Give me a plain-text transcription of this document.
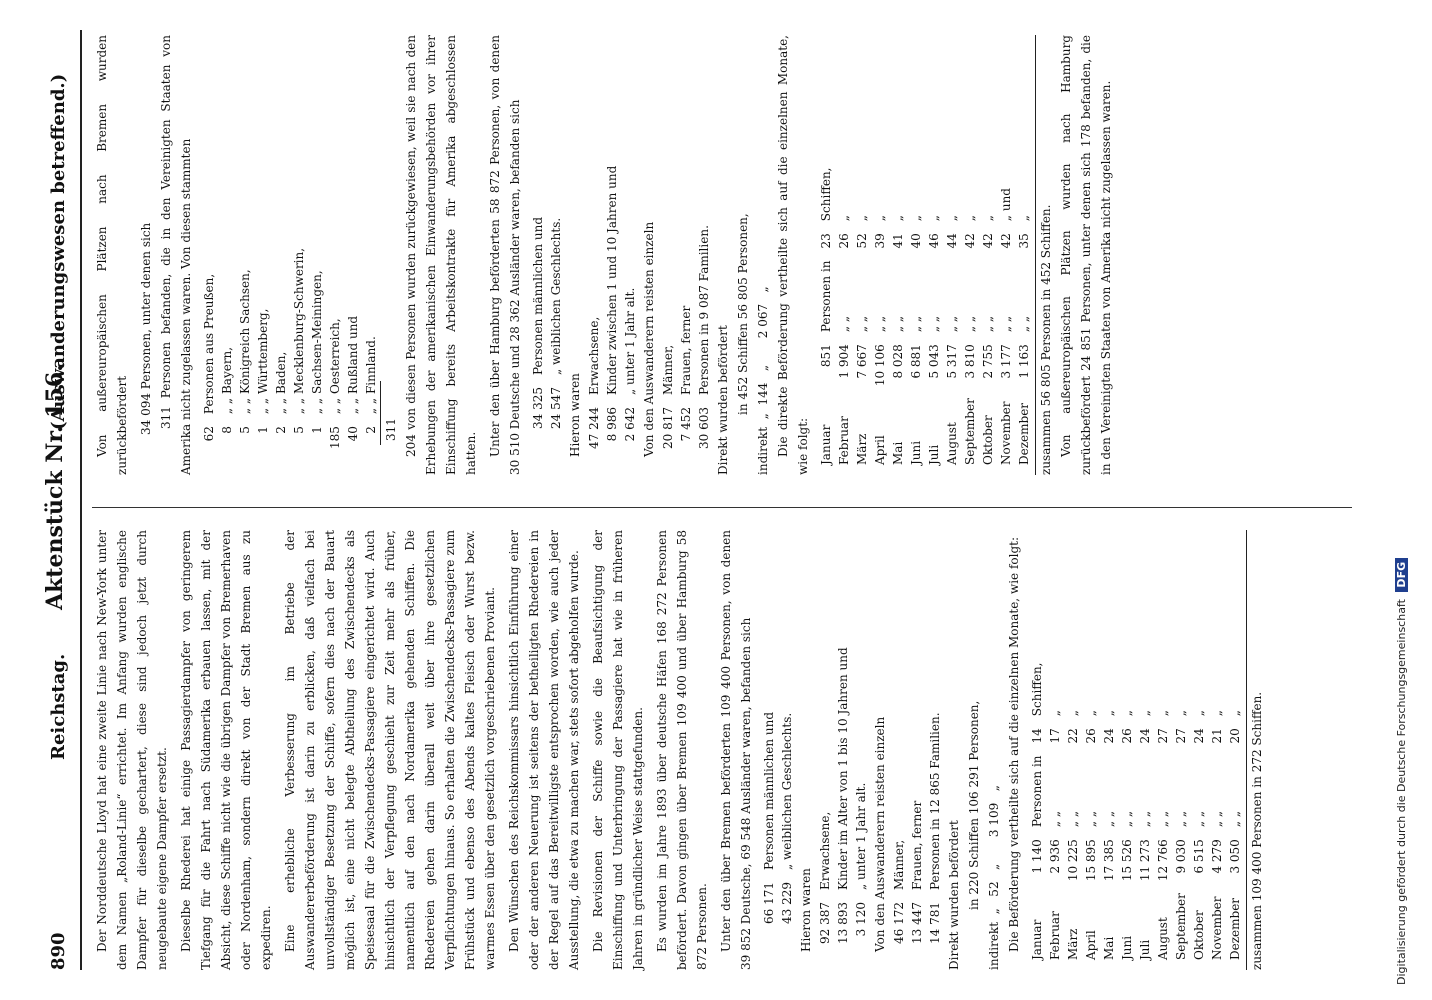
890
Reichstag.
Aktenstück Nr. 156.
(Auswanderungswesen betreffend.)

Der Norddeutsche Lloyd hat eine zweite Linie nach New-York unter dem Namen „Roland-Linie“ errichtet. Im Anfang wurden englische Dampfer für dieselbe gechartert, diese sind jedoch jetzt durch neugebaute eigene Dampfer ersetzt. Dieselbe Rhederei hat einige Passagierdampfer von geringerem Tiefgang für die Fahrt nach Südamerika erbauen lassen, mit der Absicht, diese Schiffe nicht wie die übrigen Dampfer von Bremerhaven oder Nordenham, sondern direkt von der Stadt Bremen aus zu expediren. Eine erhebliche Verbesserung im Betriebe der Auswandererbeförderung ist darin zu erblicken, daß vielfach bei unvollständiger Besetzung der Schiffe, sofern dies nach der Bauart möglich ist, eine nicht belegte Abtheilung des Zwischendecks als Speisesaal für die Zwischendecks-Passagiere eingerichtet wird. Auch hinsichtlich der Verpflegung geschieht zur Zeit mehr als früher, namentlich auf den nach Nordamerika gehenden Schiffen. Die Rhedereien gehen darin überall weit über ihre gesetzlichen Verpflichtungen hinaus. So erhalten die Zwischendecks-Passagiere zum Frühstück und ebenso des Abends kaltes Fleisch oder Wurst bezw. warmes Essen über den gesetzlich vorgeschriebenen Proviant. Den Wünschen des Reichskommissars hinsichtlich Einführung einer oder der anderen Neuerung ist seitens der betheiligten Rhedereien in der Regel auf das Bereitwilligste entsprochen worden, wie auch jeder Ausstellung, die etwa zu machen war, stets sofort abgeholfen wurde. Die Revisionen der Schiffe sowie die Beaufsichtigung der Einschiffung und Unterbringung der Passagiere hat wie in früheren Jahren in gründlicher Weise stattgefunden. Es wurden im Jahre 1893 über deutsche Häfen 168 272 Personen befördert. Davon gingen über Bremen 109 400 und über Hamburg 58 872 Personen. Unter den über Bremen beförderten 109 400 Personen, von denen 39 852 Deutsche, 69 548 Ausländer waren, befanden sich 66 171	Personen männlichen und
43 229	„ weiblichen Geschlechts.
Hieron waren 92 387	Erwachsene,
13 893	Kinder im Alter von 1 bis 10 Jahren und
3 120	„ unter 1 Jahr alt. Von den Auswanderern reisten einzeln 46 172	Männer,
13 447	Frauen, ferner
14 781	Personen in 12 865 Familien.
Direkt wurden befördert in 220 Schiffen 106 291 Personen, indirekt  „   52   „       3 109   „ Die Beförderung vertheilte sich auf die einzelnen Monate, wie folgt: Januar	1 140	Personen in	14	Schiffen,
Februar	2 936	„ „	17	„
März	10 225	„ „	22	„
April	15 895	„ „	26	„
Mai	17 385	„ „	24	„
Juni	15 526	„ „	26	„
Juli	11 273	„ „	24	„
August	12 766	„ „	27	„
September	9 030	„ „	27	„
Oktober	6 515	„ „	24	„
November	4 279	„ „	21	„
Dezember	3 050	„ „	20	„ zusammen 109 400 Personen in 272 Schiffen.

Von außereuropäischen Plätzen nach Bremen wurden zurückbefördert 34 094 Personen, unter denen sich 311 Personen befanden, die in den Vereinigten Staaten von Amerika nicht zugelassen waren. Von diesen stammten 62	Personen aus Preußen,
8	„ „ Bayern,
5	„ „ Königreich Sachsen,
1	„ „ Württemberg,
2	„ „ Baden,
5	„ „ Mecklenburg-Schwerin,
1	„ „ Sachsen-Meiningen,
185	„ „ Oesterreich,
40	„ „ Rußland und
2	„ „ Finnland.
311 204 von diesen Personen wurden zurückgewiesen, weil sie nach den Erhebungen der amerikanischen Einwanderungsbehörden vor ihrer Einschiffung bereits Arbeitskontrakte für Amerika abgeschlossen hatten. Unter den über Hamburg beförderten 58 872 Personen, von denen 30 510 Deutsche und 28 362 Ausländer waren, befanden sich 34 325	Personen männlichen und
24 547	„ weiblichen Geschlechts.
Hieron waren 47 244	Erwachsene,
8 986	Kinder zwischen 1 und 10 Jahren und
2 642	„ unter 1 Jahr alt. Von den Auswanderern reisten einzeln 20 817	Männer,
7 452	Frauen, ferner
30 603	Personen in 9 087 Familien.
Direkt wurden befördert in 452 Schiffen 56 805 Personen, indirekt  „  144   „       2 067   „ Die direkte Beförderung vertheilte sich auf die einzelnen Monate, wie folgt: Januar	851	Personen in	23	Schiffen,
Februar	1 904	„ „	26	„
März	7 667	„ „	52	„
April	10 106	„ „	39	„
Mai	8 028	„ „	41	„
Juni	6 881	„ „	40	„
Juli	5 043	„ „	46	„
August	5 317	„ „	44	„
September	3 810	„ „	42	„
Oktober	2 755	„ „	42	„
November	3 177	„ „	42	„ und
Dezember	1 163	„ „	35	„ zusammen 56 805 Personen in 452 Schiffen. Von außereuropäischen Plätzen wurden nach Hamburg zurückbefördert 24 851 Personen, unter denen sich 178 befanden, die in den Vereinigten Staaten von Amerika nicht zugelassen waren.

Digitalisierung gefördert durch die Deutsche Forschungsgemeinschaft DFG
